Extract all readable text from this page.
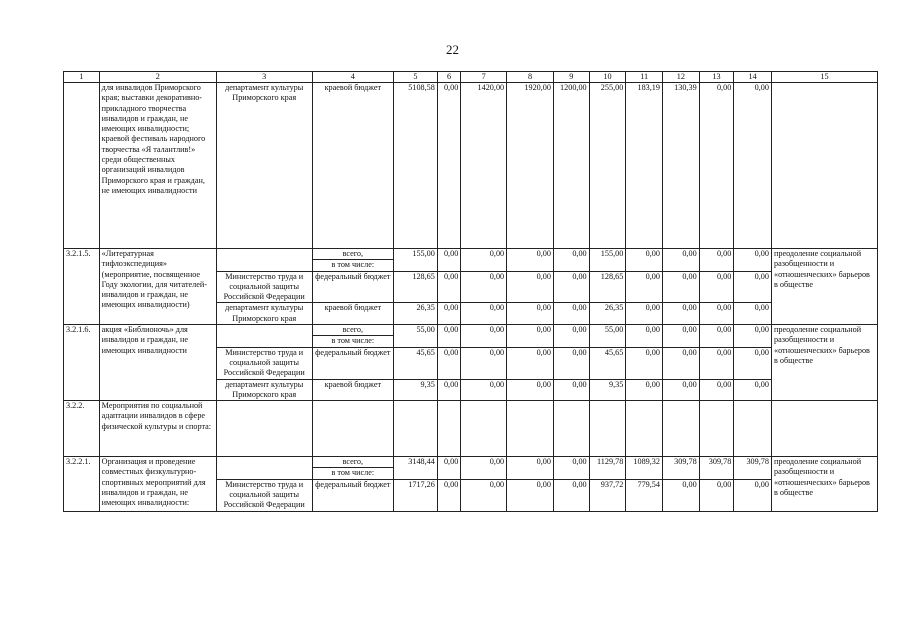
22
1	2	3	4	5	6	7	8	9	10	11	12	13	14	15
	для инвалидов Приморского края; выставки декоративно-прикладного творчества инвалидов и граждан, не имеющих инвалидности; краевой фестиваль народного творчества «Я талантлив!» среди общественных организаций инвалидов Приморского края и граждан, не имеющих инвалидности	департамент культуры Приморского края	краевой бюджет	5108,58	0,00	1420,00	1920,00	1200,00	255,00	183,19	130,39	0,00	0,00	
3.2.1.5.	«Литературная тифлоэкспедиция» (мероприятие, посвященное Году экологии, для читателей-инвалидов и граждан, не имеющих инвалидности)		всего,	155,00	0,00	0,00	0,00	0,00	155,00	0,00	0,00	0,00	0,00	преодоление социальной разобщенности и «отношенческих» барьеров в обществе
			в том числе:											
		Министерство труда и социальной защиты Российской Федерации	федеральный бюджет	128,65	0,00	0,00	0,00	0,00	128,65	0,00	0,00	0,00	0,00	
		департамент культуры Приморского края	краевой бюджет	26,35	0,00	0,00	0,00	0,00	26,35	0,00	0,00	0,00	0,00	
3.2.1.6.	акция «Библионочь» для инвалидов и граждан, не имеющих инвалидности		всего,	55,00	0,00	0,00	0,00	0,00	55,00	0,00	0,00	0,00	0,00	преодоление социальной разобщенности и «отношенческих» барьеров в обществе
			в том числе:											
		Министерство труда и социальной защиты Российской Федерации	федеральный бюджет	45,65	0,00	0,00	0,00	0,00	45,65	0,00	0,00	0,00	0,00	
		департамент культуры Приморского края	краевой бюджет	9,35	0,00	0,00	0,00	0,00	9,35	0,00	0,00	0,00	0,00	
3.2.2.	Мероприятия по социальной адаптации инвалидов в сфере физической культуры и спорта:													
3.2.2.1.	Организация и проведение совместных физкультурно-спортивных мероприятий для инвалидов и граждан, не имеющих инвалидности:		всего,	3148,44	0,00	0,00	0,00	0,00	1129,78	1089,32	309,78	309,78	309,78	преодоление социальной разобщенности и «отношенческих» барьеров в обществе
			в том числе:											
		Министерство труда и социальной защиты Российской Федерации	федеральный бюджет	1717,26	0,00	0,00	0,00	0,00	937,72	779,54	0,00	0,00	0,00	
